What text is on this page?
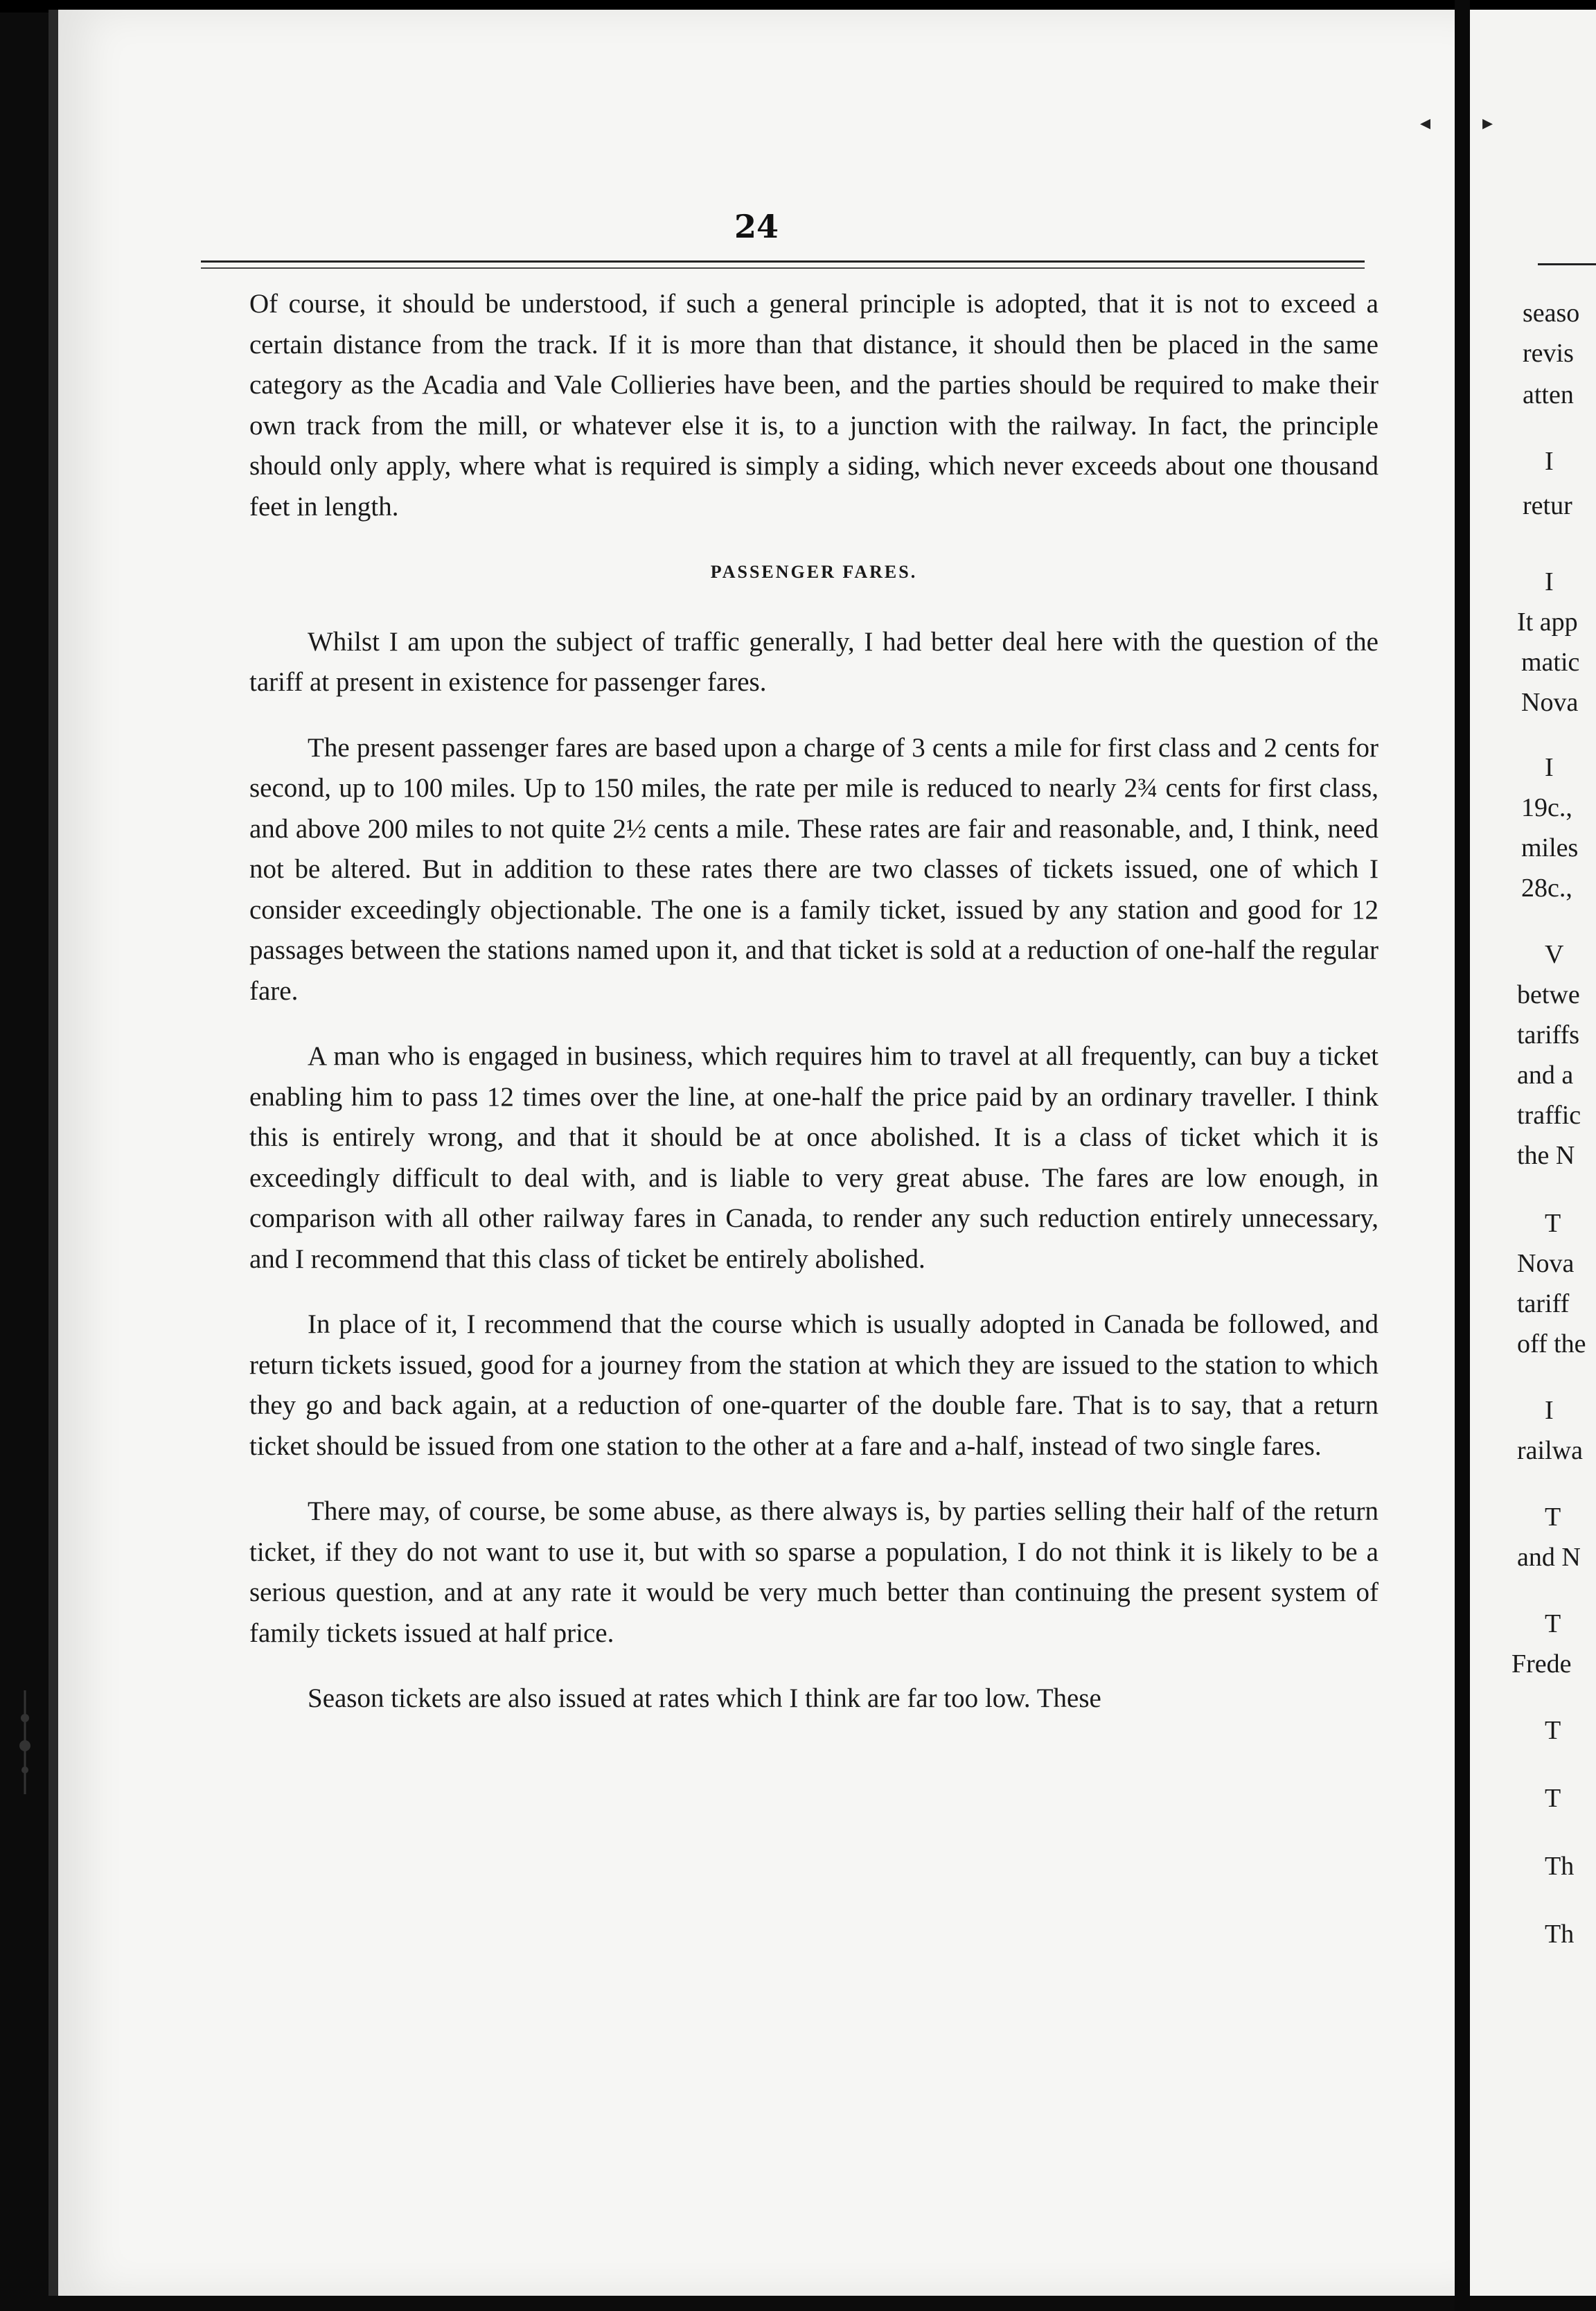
24

Of course, it should be understood, if such a general principle is adopted, that it is not to exceed a certain distance from the track. If it is more than that distance, it should then be placed in the same category as the Acadia and Vale Collieries have been, and the parties should be required to make their own track from the mill, or whatever else it is, to a junction with the railway. In fact, the principle should only apply, where what is required is simply a siding, which never exceeds about one thousand feet in length.

PASSENGER FARES.

Whilst I am upon the subject of traffic generally, I had better deal here with the question of the tariff at present in existence for passenger fares.

The present passenger fares are based upon a charge of 3 cents a mile for first class and 2 cents for second, up to 100 miles. Up to 150 miles, the rate per mile is reduced to nearly 2¾ cents for first class, and above 200 miles to not quite 2½ cents a mile. These rates are fair and reasonable, and, I think, need not be altered. But in addition to these rates there are two classes of tickets issued, one of which I consider exceedingly objectionable. The one is a family ticket, issued by any station and good for 12 passages between the stations named upon it, and that ticket is sold at a reduction of one-half the regular fare.

A man who is engaged in business, which requires him to travel at all frequently, can buy a ticket enabling him to pass 12 times over the line, at one-half the price paid by an ordinary traveller. I think this is entirely wrong, and that it should be at once abolished. It is a class of ticket which it is exceedingly difficult to deal with, and is liable to very great abuse. The fares are low enough, in comparison with all other railway fares in Canada, to render any such reduction entirely unnecessary, and I recommend that this class of ticket be entirely abolished.

In place of it, I recommend that the course which is usually adopted in Canada be followed, and return tickets issued, good for a journey from the station at which they are issued to the station to which they go and back again, at a reduction of one-quarter of the double fare. That is to say, that a return ticket should be issued from one station to the other at a fare and a-half, instead of two single fares.

There may, of course, be some abuse, as there always is, by parties selling their half of the return ticket, if they do not want to use it, but with so sparse a population, I do not think it is likely to be a serious question, and at any rate it would be very much better than continuing the present system of family tickets issued at half price.

Season tickets are also issued at rates which I think are far too low. These

◂ ▸
seaso
revis
atten
I
retur
I
It app
matic
Nova
I
19c.,
miles
28c.,
V
betwe
tariffs
and a
traffic
the N
T
Nova
tariff
off the
I
railwa
T
and N
T
Frede
T
T
Th
Th
